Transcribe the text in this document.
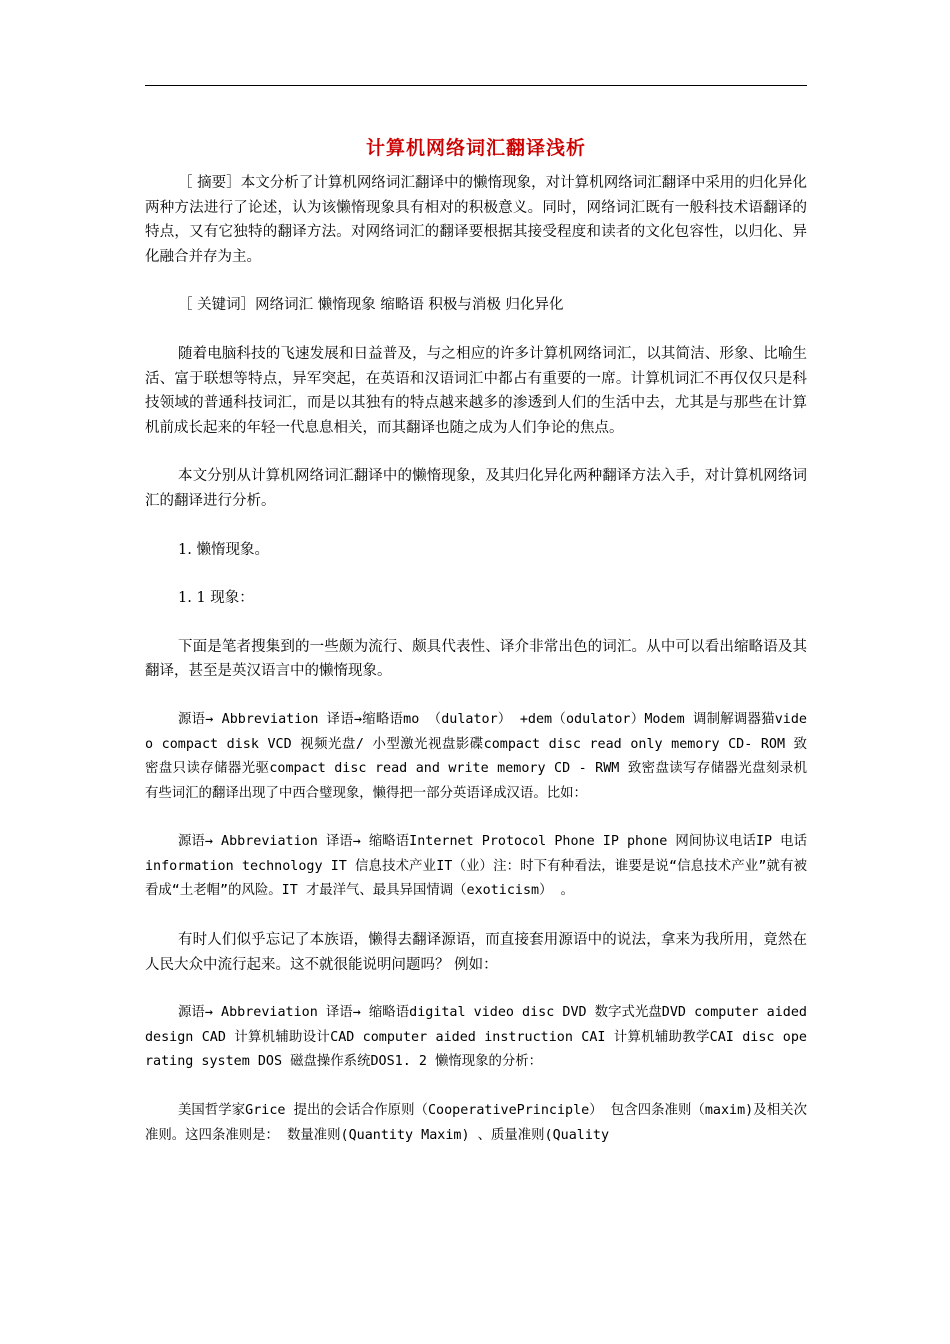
计算机网络词汇翻译浅析

［ 摘要］本文分析了计算机网络词汇翻译中的懒惰现象，对计算机网络词汇翻译中采用的归化异化两种方法进行了论述，认为该懒惰现象具有相对的积极意义。同时，网络词汇既有一般科技术语翻译的特点，又有它独特的翻译方法。对网络词汇的翻译要根据其接受程度和读者的文化包容性，以归化、异化融合并存为主。

［ 关键词］网络词汇 懒惰现象 缩略语 积极与消极 归化异化

随着电脑科技的飞速发展和日益普及，与之相应的许多计算机网络词汇，以其简洁、形象、比喻生活、富于联想等特点，异军突起，在英语和汉语词汇中都占有重要的一席。计算机词汇不再仅仅只是科技领域的普通科技词汇，而是以其独有的特点越来越多的渗透到人们的生活中去，尤其是与那些在计算机前成长起来的年轻一代息息相关，而其翻译也随之成为人们争论的焦点。

本文分别从计算机网络词汇翻译中的懒惰现象，及其归化异化两种翻译方法入手，对计算机网络词汇的翻译进行分析。

1. 懒惰现象。

1. 1 现象：

下面是笔者搜集到的一些颇为流行、颇具代表性、译介非常出色的词汇。从中可以看出缩略语及其翻译，甚至是英汉语言中的懒惰现象。

源语→ Abbreviation 译语→缩略语mo （dulator） +dem（odulator）Modem 调制解调器猫video compact disk VCD 视频光盘/ 小型激光视盘影碟compact disc read only memory CD- ROM 致密盘只读存储器光驱compact disc read and write memory CD - RWM 致密盘读写存储器光盘刻录机有些词汇的翻译出现了中西合璧现象，懒得把一部分英语译成汉语。比如：

源语→ Abbreviation 译语→ 缩略语Internet Protocol Phone IP phone 网间协议电话IP 电话information technology IT 信息技术产业IT（业）注：时下有种看法，谁要是说“信息技术产业”就有被看成“土老帽”的风险。IT 才最洋气、最具异国情调（exoticism） 。

有时人们似乎忘记了本族语，懒得去翻译源语，而直接套用源语中的说法，拿来为我所用，竟然在人民大众中流行起来。这不就很能说明问题吗？ 例如：

源语→ Abbreviation 译语→ 缩略语digital video disc DVD 数字式光盘DVD computer aided design CAD 计算机辅助设计CAD computer aided instruction CAI 计算机辅助教学CAI disc operating system DOS 磁盘操作系统DOS1. 2 懒惰现象的分析：

美国哲学家Grice 提出的会话合作原则（CooperativePrinciple） 包含四条准则（maxim)及相关次准则。这四条准则是： 数量准则(Quantity Maxim) 、质量准则(Quality
